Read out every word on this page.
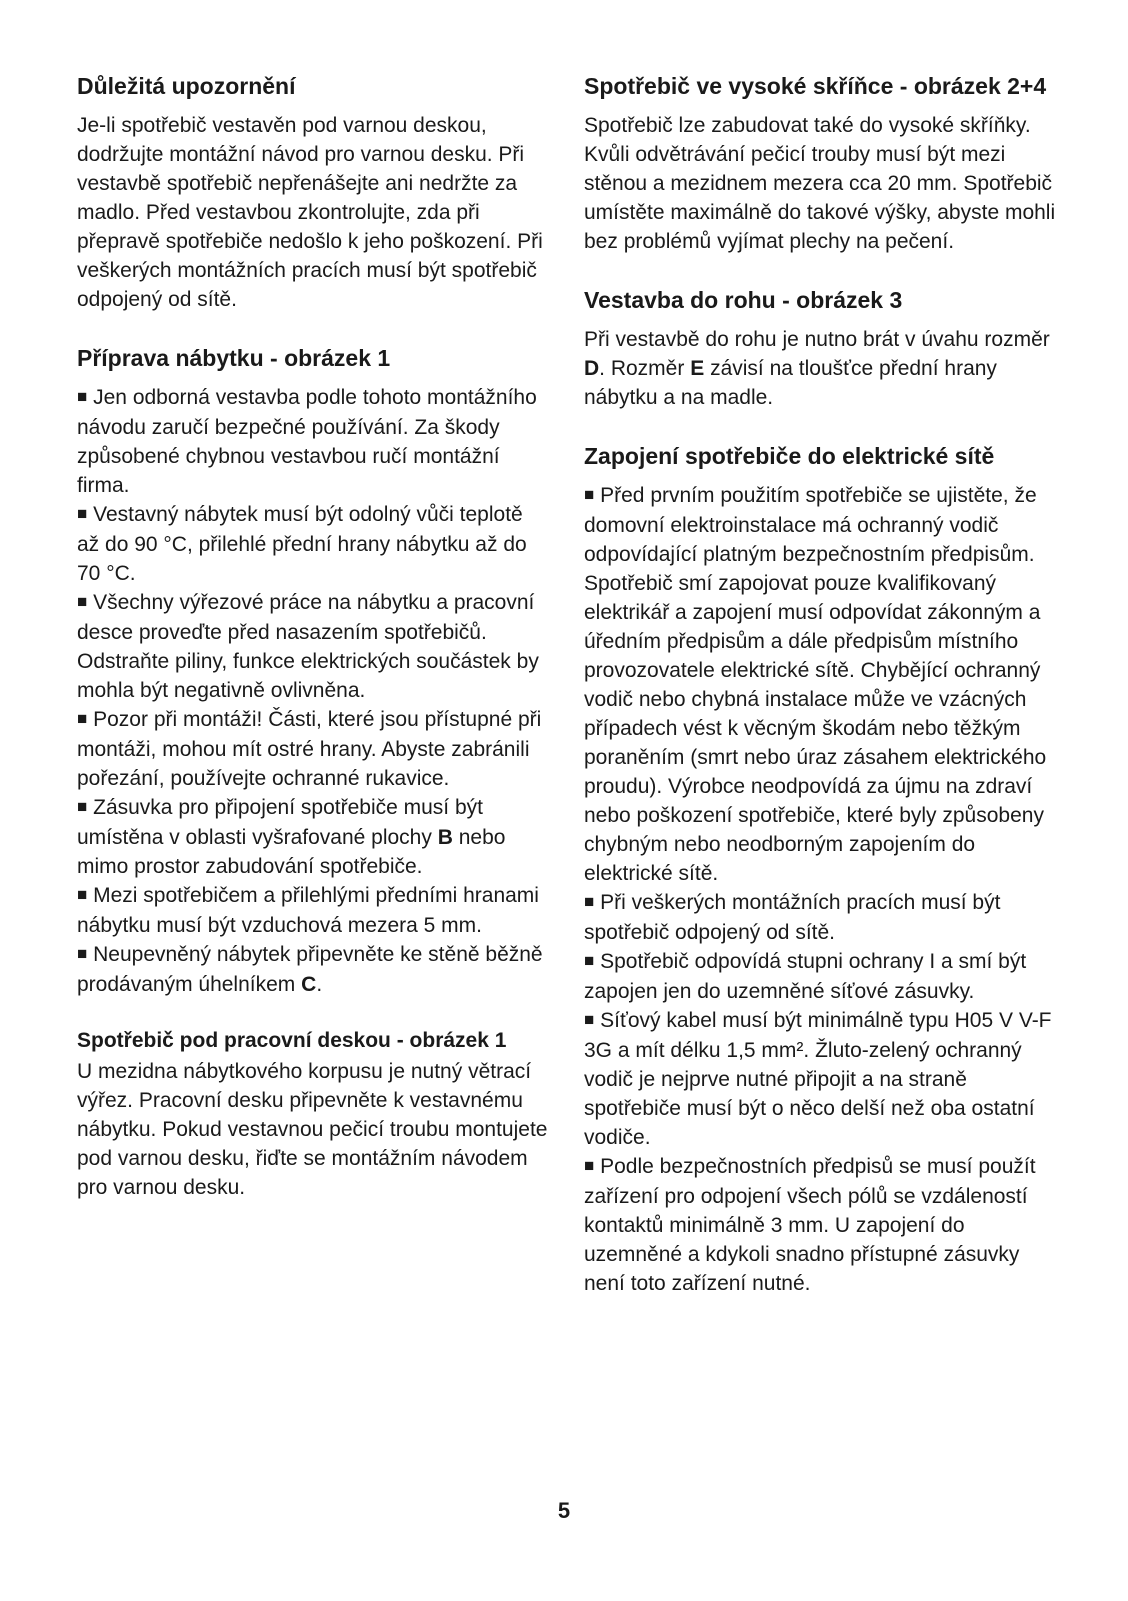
Důležitá upozornění

Je-li spotřebič vestavěn pod varnou deskou, dodržujte montážní návod pro varnou desku. Při vestavbě spotřebič nepřenášejte ani nedržte za madlo. Před vestavbou zkontrolujte, zda při přepravě spotřebiče nedošlo k jeho poškození. Při veškerých montážních pracích musí být spotřebič odpojený od sítě.

Příprava nábytku - obrázek 1

■ Jen odborná vestavba podle tohoto montážního návodu zaručí bezpečné používání. Za škody způsobené chybnou vestavbou ručí montážní firma.

■ Vestavný nábytek musí být odolný vůči teplotě až do 90 °C, přilehlé přední hrany nábytku až do 70 °C.

■ Všechny výřezové práce na nábytku a pracovní desce proveďte před nasazením spotřebičů. Odstraňte piliny, funkce elektrických součástek by mohla být negativně ovlivněna.

■ Pozor při montáži! Části, které jsou přístupné při montáži, mohou mít ostré hrany. Abyste zabránili pořezání, používejte ochranné rukavice.

■ Zásuvka pro připojení spotřebiče musí být umístěna v oblasti vyšrafované plochy B nebo mimo prostor zabudování spotřebiče.

■ Mezi spotřebičem a přilehlými předními hranami nábytku musí být vzduchová mezera 5 mm.

■ Neupevněný nábytek připevněte ke stěně běžně prodávaným úhelníkem C.

Spotřebič pod pracovní deskou - obrázek 1

U mezidna nábytkového korpusu je nutný větrací výřez. Pracovní desku připevněte k vestavnému nábytku. Pokud vestavnou pečicí troubu montujete pod varnou desku, řiďte se montážním návodem pro varnou desku.

Spotřebič ve vysoké skříňce - obrázek 2+4

Spotřebič lze zabudovat také do vysoké skříňky. Kvůli odvětrávání pečicí trouby musí být mezi stěnou a mezidnem mezera cca 20 mm. Spotřebič umístěte maximálně do takové výšky, abyste mohli bez problémů vyjímat plechy na pečení.

Vestavba do rohu - obrázek 3

Při vestavbě do rohu je nutno brát v úvahu rozměr D. Rozměr E závisí na tloušťce přední hrany nábytku a na madle.

Zapojení spotřebiče do elektrické sítě

■ Před prvním použitím spotřebiče se ujistěte, že domovní elektroinstalace má ochranný vodič odpovídající platným bezpečnostním předpisům. Spotřebič smí zapojovat pouze kvalifikovaný elektrikář a zapojení musí odpovídat zákonným a úředním předpisům a dále předpisům místního provozovatele elektrické sítě. Chybějící ochranný vodič nebo chybná instalace může ve vzácných případech vést k věcným škodám nebo těžkým poraněním (smrt nebo úraz zásahem elektrického proudu). Výrobce neodpovídá za újmu na zdraví nebo poškození spotřebiče, které byly způsobeny chybným nebo neodborným zapojením do elektrické sítě.

■ Při veškerých montážních pracích musí být spotřebič odpojený od sítě.

■ Spotřebič odpovídá stupni ochrany I a smí být zapojen jen do uzemněné síťové zásuvky.

■ Síťový kabel musí být minimálně typu H05 V V-F 3G a mít délku 1,5 mm². Žluto-zelený ochranný vodič je nejprve nutné připojit a na straně spotřebiče musí být o něco delší než oba ostatní vodiče.

■ Podle bezpečnostních předpisů se musí použít zařízení pro odpojení všech pólů se vzdáleností kontaktů minimálně 3 mm. U zapojení do uzemněné a kdykoli snadno přístupné zásuvky není toto zařízení nutné.

5
